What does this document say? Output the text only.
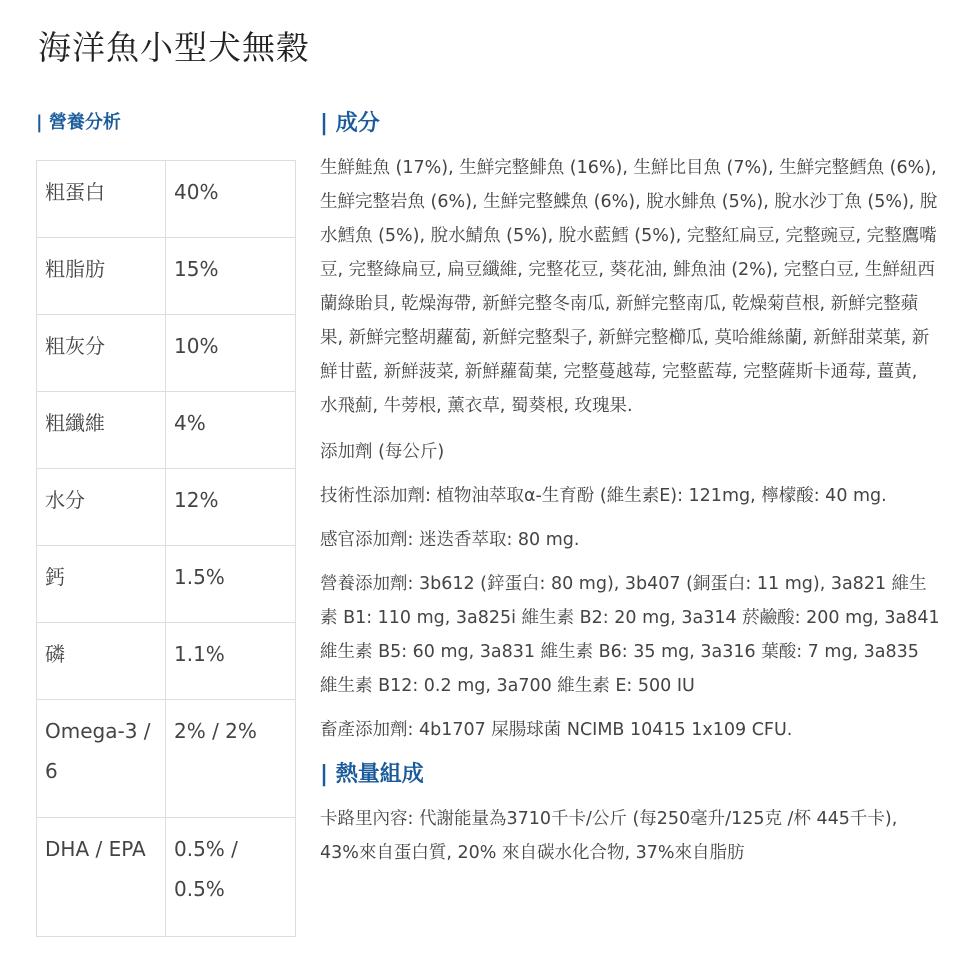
海洋魚小型犬無穀
| 營養分析
粗蛋白	40%
粗脂肪	15%
粗灰分	10%
粗纖維	4%
水分	12%
鈣	1.5%
磷	1.1%
Omega-3 / 6	2% / 2%
DHA / EPA	0.5% / 0.5%
| 成分

生鮮鮭魚 (17%), 生鮮完整鯡魚 (16%), 生鮮比目魚 (7%), 生鮮完整鱈魚 (6%), 生鮮完整岩魚 (6%), 生鮮完整鰈魚 (6%), 脫水鯡魚 (5%), 脫水沙丁魚 (5%), 脫水鱈魚 (5%), 脫水鯖魚 (5%), 脫水藍鱈 (5%), 完整紅扁豆, 完整豌豆, 完整鷹嘴豆, 完整綠扁豆, 扁豆纖維, 完整花豆, 葵花油, 鯡魚油 (2%), 完整白豆, 生鮮紐西蘭綠貽貝, 乾燥海帶, 新鮮完整冬南瓜, 新鮮完整南瓜, 乾燥菊苣根, 新鮮完整蘋果, 新鮮完整胡蘿蔔, 新鮮完整梨子, 新鮮完整櫛瓜, 莫哈維絲蘭, 新鮮甜菜葉, 新鮮甘藍, 新鮮菠菜, 新鮮蘿蔔葉, 完整蔓越莓, 完整藍莓, 完整薩斯卡通莓, 薑黃, 水飛薊, 牛蒡根, 薰衣草, 蜀葵根, 玫瑰果.

添加劑 (每公斤)

技術性添加劑: 植物油萃取α-生育酚 (維生素E): 121mg, 檸檬酸: 40 mg.

感官添加劑: 迷迭香萃取: 80 mg.

營養添加劑: 3b612 (鋅蛋白: 80 mg), 3b407 (銅蛋白: 11 mg), 3a821 維生素 B1: 110 mg, 3a825i 維生素 B2: 20 mg, 3a314 菸鹼酸: 200 mg, 3a841 維生素 B5: 60 mg, 3a831 維生素 B6: 35 mg, 3a316 葉酸: 7 mg, 3a835 維生素 B12: 0.2 mg, 3a700 維生素 E: 500 IU

畜產添加劑: 4b1707 屎腸球菌 NCIMB 10415 1x109 CFU.

| 熱量組成

卡路里內容: 代謝能量為3710千卡/公斤 (每250毫升/125克 /杯 445千卡), 43%來自蛋白質, 20% 來自碳水化合物, 37%來自脂肪
